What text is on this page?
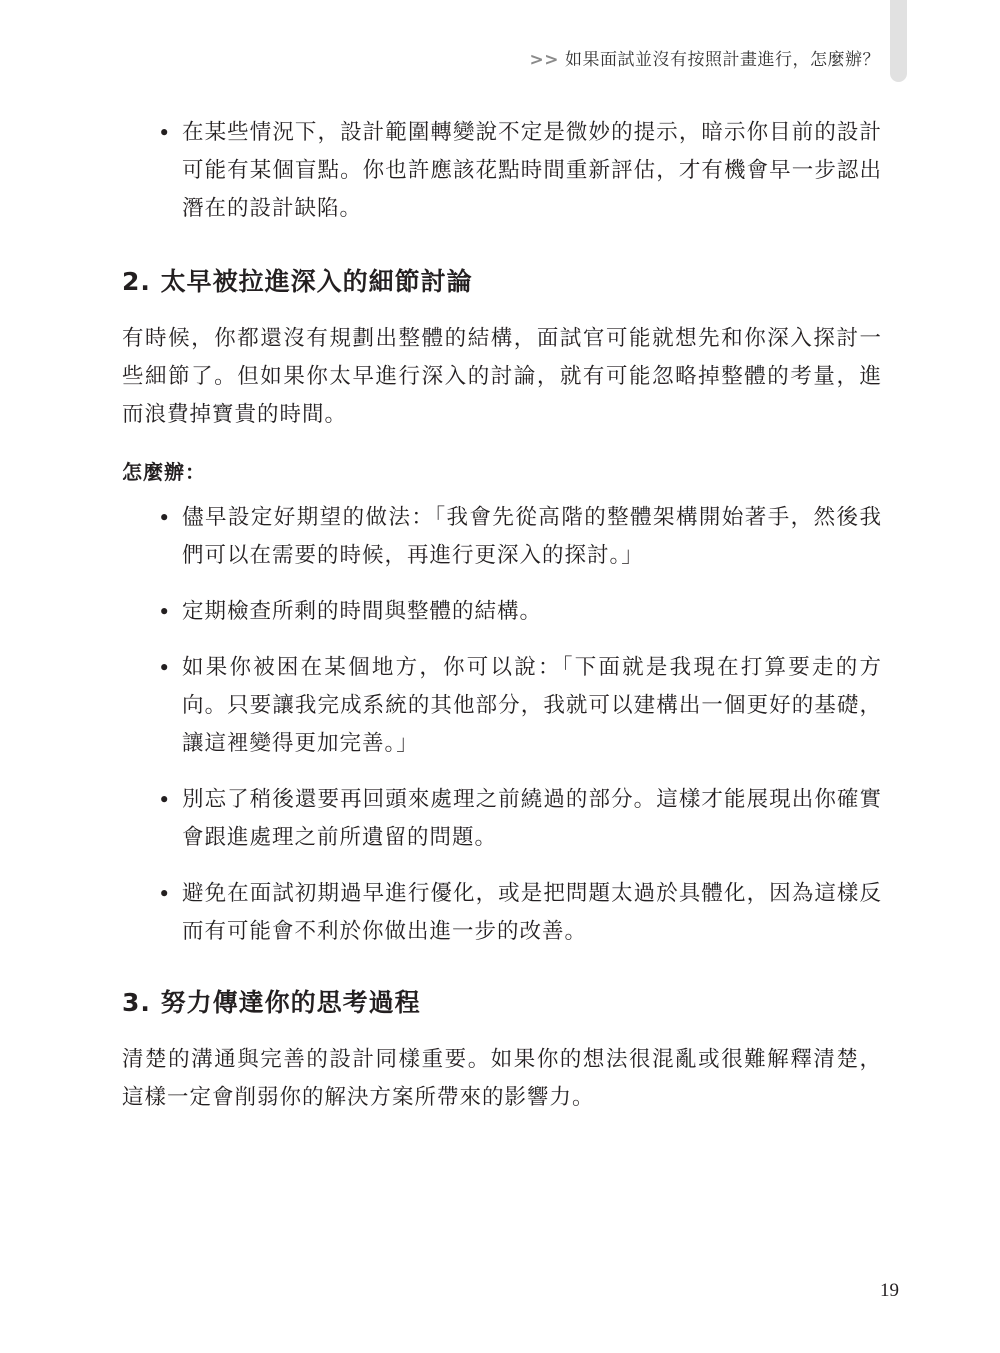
>> 如果面試並沒有按照計畫進行，怎麼辦？
• 在某些情況下，設計範圍轉變說不定是微妙的提示，暗示你目前的設計可能有某個盲點。你也許應該花點時間重新評估，才有機會早一步認出潛在的設計缺陷。
2. 太早被拉進深入的細節討論

有時候，你都還沒有規劃出整體的結構，面試官可能就想先和你深入探討一些細節了。但如果你太早進行深入的討論，就有可能忽略掉整體的考量，進而浪費掉寶貴的時間。

怎麼辦：
• 儘早設定好期望的做法：「我會先從高階的整體架構開始著手，然後我們可以在需要的時候，再進行更深入的探討。」
• 定期檢查所剩的時間與整體的結構。
• 如果你被困在某個地方，你可以說：「下面就是我現在打算要走的方向。只要讓我完成系統的其他部分，我就可以建構出一個更好的基礎，讓這裡變得更加完善。」
• 別忘了稍後還要再回頭來處理之前繞過的部分。這樣才能展現出你確實會跟進處理之前所遺留的問題。
• 避免在面試初期過早進行優化，或是把問題太過於具體化，因為這樣反而有可能會不利於你做出進一步的改善。
3. 努力傳達你的思考過程

清楚的溝通與完善的設計同樣重要。如果你的想法很混亂或很難解釋清楚，這樣一定會削弱你的解決方案所帶來的影響力。

19
